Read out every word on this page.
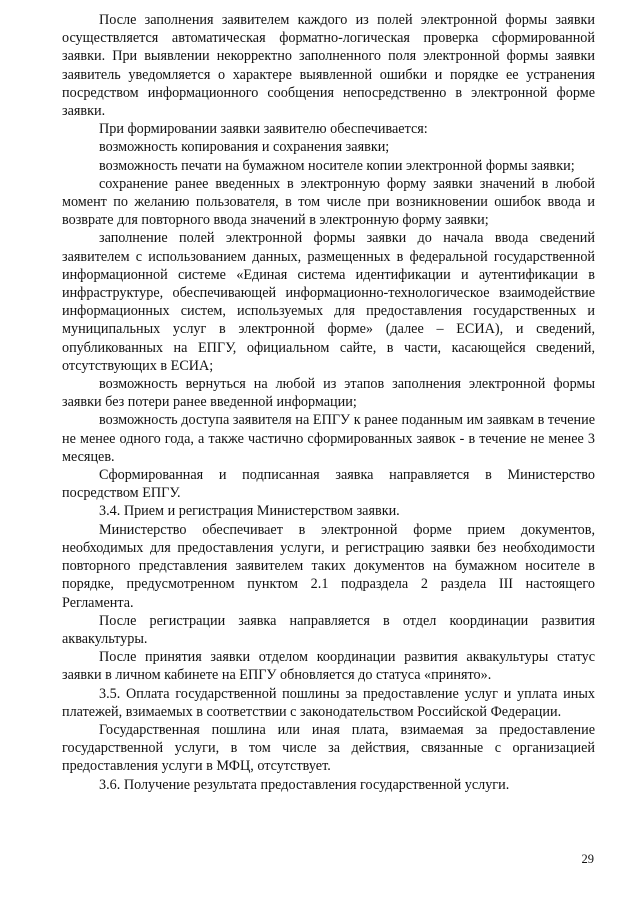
После заполнения заявителем каждого из полей электронной формы заявки осуществляется автоматическая форматно-логическая проверка сформированной заявки. При выявлении некорректно заполненного поля электронной формы заявки заявитель уведомляется о характере выявленной ошибки и порядке ее устранения посредством информационного сообщения непосредственно в электронной форме заявки.

При формировании заявки заявителю обеспечивается:

возможность копирования и сохранения заявки;

возможность печати на бумажном носителе копии электронной формы заявки;

сохранение ранее введенных в электронную форму заявки значений в любой момент по желанию пользователя, в том числе при возникновении ошибок ввода и возврате для повторного ввода значений в электронную форму заявки;

заполнение полей электронной формы заявки до начала ввода сведений заявителем с использованием данных, размещенных в федеральной государственной информационной системе «Единая система идентификации и аутентификации в инфраструктуре, обеспечивающей информационно-технологическое взаимодействие информационных систем, используемых для предоставления государственных и муниципальных услуг в электронной форме» (далее – ЕСИА), и сведений, опубликованных на ЕПГУ, официальном сайте, в части, касающейся сведений, отсутствующих в ЕСИА;

возможность вернуться на любой из этапов заполнения электронной формы заявки без потери ранее введенной информации;

возможность доступа заявителя на ЕПГУ к ранее поданным им заявкам в течение не менее одного года, а также частично сформированных заявок - в течение не менее 3 месяцев.

Сформированная и подписанная заявка направляется в Министерство посредством ЕПГУ.

3.4. Прием и регистрация Министерством заявки.

Министерство обеспечивает в электронной форме прием документов, необходимых для предоставления услуги, и регистрацию заявки без необходимости повторного представления заявителем таких документов на бумажном носителе в порядке, предусмотренном пунктом 2.1 подраздела 2 раздела III настоящего Регламента.

После регистрации заявка направляется в отдел координации развития аквакультуры.

После принятия заявки отделом координации развития аквакультуры статус заявки в личном кабинете на ЕПГУ обновляется до статуса «принято».

3.5. Оплата государственной пошлины за предоставление услуг и уплата иных платежей, взимаемых в соответствии с законодательством Российской Федерации.

Государственная пошлина или иная плата, взимаемая за предоставление государственной услуги, в том числе за действия, связанные с организацией предоставления услуги в МФЦ, отсутствует.

3.6. Получение результата предоставления государственной услуги.

29
